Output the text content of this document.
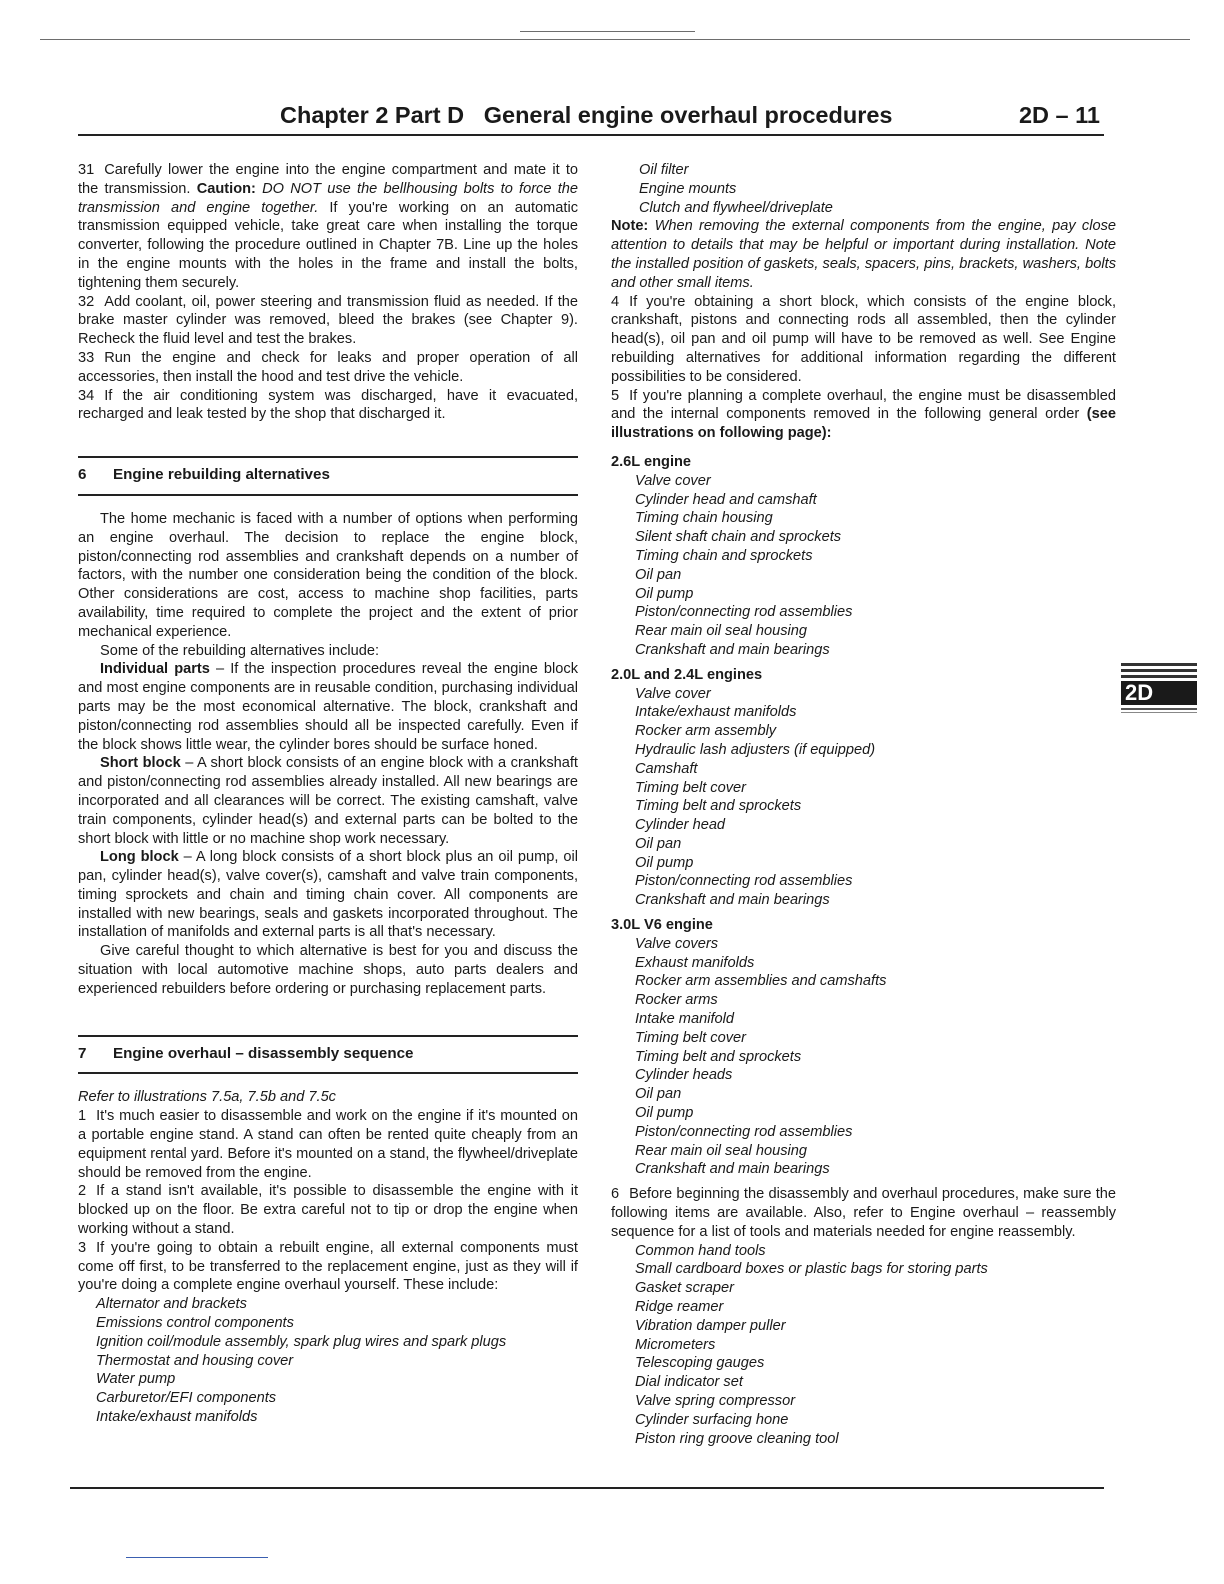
Chapter 2 Part D   General engine overhaul procedures	2D – 11

31 Carefully lower the engine into the engine compartment and mate it to the transmission. Caution: DO NOT use the bellhousing bolts to force the transmission and engine together. If you're working on an automatic transmission equipped vehicle, take great care when installing the torque converter, following the procedure outlined in Chapter 7B. Line up the holes in the engine mounts with the holes in the frame and install the bolts, tightening them securely.

32 Add coolant, oil, power steering and transmission fluid as needed. If the brake master cylinder was removed, bleed the brakes (see Chapter 9). Recheck the fluid level and test the brakes.

33 Run the engine and check for leaks and proper operation of all accessories, then install the hood and test drive the vehicle.

34 If the air conditioning system was discharged, have it evacuated, recharged and leak tested by the shop that discharged it.

6 Engine rebuilding alternatives

The home mechanic is faced with a number of options when performing an engine overhaul. The decision to replace the engine block, piston/connecting rod assemblies and crankshaft depends on a number of factors, with the number one consideration being the condition of the block. Other considerations are cost, access to machine shop facilities, parts availability, time required to complete the project and the extent of prior mechanical experience.

Some of the rebuilding alternatives include:

Individual parts – If the inspection procedures reveal the engine block and most engine components are in reusable condition, purchasing individual parts may be the most economical alternative. The block, crankshaft and piston/connecting rod assemblies should all be inspected carefully. Even if the block shows little wear, the cylinder bores should be surface honed.

Short block – A short block consists of an engine block with a crankshaft and piston/connecting rod assemblies already installed. All new bearings are incorporated and all clearances will be correct. The existing camshaft, valve train components, cylinder head(s) and external parts can be bolted to the short block with little or no machine shop work necessary.

Long block – A long block consists of a short block plus an oil pump, oil pan, cylinder head(s), valve cover(s), camshaft and valve train components, timing sprockets and chain and timing chain cover. All components are installed with new bearings, seals and gaskets incorporated throughout. The installation of manifolds and external parts is all that's necessary.

Give careful thought to which alternative is best for you and discuss the situation with local automotive machine shops, auto parts dealers and experienced rebuilders before ordering or purchasing replacement parts.

7 Engine overhaul – disassembly sequence

Refer to illustrations 7.5a, 7.5b and 7.5c

1 It's much easier to disassemble and work on the engine if it's mounted on a portable engine stand. A stand can often be rented quite cheaply from an equipment rental yard. Before it's mounted on a stand, the flywheel/driveplate should be removed from the engine.

2 If a stand isn't available, it's possible to disassemble the engine with it blocked up on the floor. Be extra careful not to tip or drop the engine when working without a stand.

3 If you're going to obtain a rebuilt engine, all external components must come off first, to be transferred to the replacement engine, just as they will if you're doing a complete engine overhaul yourself. These include:

Alternator and brackets
Emissions control components
Ignition coil/module assembly, spark plug wires and spark plugs
Thermostat and housing cover
Water pump
Carburetor/EFI components
Intake/exhaust manifolds
Oil filter
Engine mounts
Clutch and flywheel/driveplate

Note: When removing the external components from the engine, pay close attention to details that may be helpful or important during installation. Note the installed position of gaskets, seals, spacers, pins, brackets, washers, bolts and other small items.

4 If you're obtaining a short block, which consists of the engine block, crankshaft, pistons and connecting rods all assembled, then the cylinder head(s), oil pan and oil pump will have to be removed as well. See Engine rebuilding alternatives for additional information regarding the different possibilities to be considered.

5 If you're planning a complete overhaul, the engine must be disassembled and the internal components removed in the following general order (see illustrations on following page):

2.6L engine

Valve cover
Cylinder head and camshaft
Timing chain housing
Silent shaft chain and sprockets
Timing chain and sprockets
Oil pan
Oil pump
Piston/connecting rod assemblies
Rear main oil seal housing
Crankshaft and main bearings

2.0L and 2.4L engines

Valve cover
Intake/exhaust manifolds
Rocker arm assembly
Hydraulic lash adjusters (if equipped)
Camshaft
Timing belt cover
Timing belt and sprockets
Cylinder head
Oil pan
Oil pump
Piston/connecting rod assemblies
Crankshaft and main bearings

3.0L V6 engine

Valve covers
Exhaust manifolds
Rocker arm assemblies and camshafts
Rocker arms
Intake manifold
Timing belt cover
Timing belt and sprockets
Cylinder heads
Oil pan
Oil pump
Piston/connecting rod assemblies
Rear main oil seal housing
Crankshaft and main bearings

6 Before beginning the disassembly and overhaul procedures, make sure the following items are available. Also, refer to Engine overhaul – reassembly sequence for a list of tools and materials needed for engine reassembly.

Common hand tools
Small cardboard boxes or plastic bags for storing parts
Gasket scraper
Ridge reamer
Vibration damper puller
Micrometers
Telescoping gauges
Dial indicator set
Valve spring compressor
Cylinder surfacing hone
Piston ring groove cleaning tool
2D
